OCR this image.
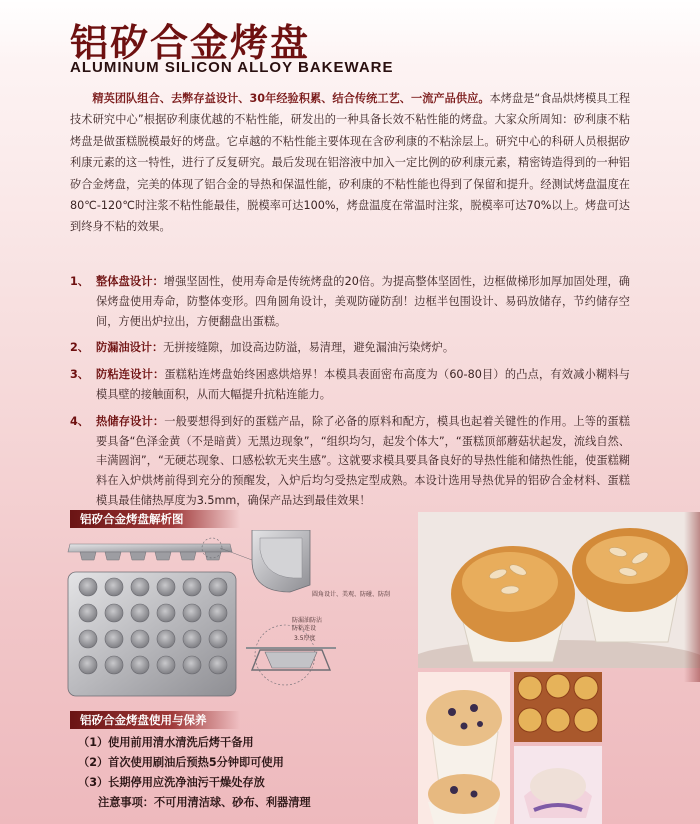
铝矽合金烤盘
ALUMINUM SILICON ALLOY BAKEWARE
精英团队组合、去弊存益设计、30年经验积累、结合传统工艺、一流产品供应。本烤盘是“食品烘烤模具工程技术研究中心”根据矽利康优越的不粘性能，研发出的一种具备长效不粘性能的烤盘。大家众所周知：矽利康不粘烤盘是做蛋糕脱模最好的烤盘。它卓越的不粘性能主要体现在含矽利康的不粘涂层上。研究中心的科研人员根据矽利康元素的这一特性，进行了反复研究。最后发现在铝溶液中加入一定比例的矽利康元素，精密铸造得到的一种铝矽合金烤盘，完美的体现了铝合金的导热和保温性能，矽利康的不粘性能也得到了保留和提升。经测试烤盘温度在80℃-120℃时注浆不粘性能最佳，脱模率可达100%，烤盘温度在常温时注浆，脱模率可达70%以上。烤盘可达到终身不粘的效果。
1、 整体盘设计：增强坚固性，使用寿命是传统烤盘的20倍。为提高整体坚固性，边框做梯形加厚加固处理，确保烤盘使用寿命，防整体变形。四角圆角设计，美观防碰防刮！边框半包围设计、易码放储存，节约储存空间，方便出炉拉出，方便翻盘出蛋糕。
2、 防漏油设计：无拼接缝隙，加设高边防溢，易清理，避免漏油污染烤炉。
3、 防粘连设计：蛋糕粘连烤盘始终困惑烘焙界！本模具表面密布高度为（60-80目）的凸点，有效减小糊料与模具壁的接触面积，从而大幅提升抗粘连能力。
4、 热储存设计：一般要想得到好的蛋糕产品，除了必备的原料和配方，模具也起着关键性的作用。上等的蛋糕要具备“色泽金黄（不是暗黄）无黑边现象”，“组织均匀，起发个体大”，“蛋糕顶部蘑菇状起发，流线自然、丰满圆润”，“无硬芯现象、口感松软无夹生感”。这就要求模具要具备良好的导热性能和储热性能，使蛋糕糊料在入炉烘烤前得到充分的预醒发，入炉后均匀受热定型成熟。本设计选用导热优异的铝矽合金材料、蛋糕模具最佳储热厚度为3.5mm，确保产品达到最佳效果！
铝矽合金烤盘解析图
圆角设计、美观、防碰、防刮
防漏油防沾
防粘连设
3.5厚度
铝矽合金烤盘使用与保养
（1）使用前用清水清洗后烤干备用
（2）首次使用刷油后预热5分钟即可使用
（3）长期停用应洗净油污干燥处存放
注意事项：不可用清洁球、砂布、利器清理
